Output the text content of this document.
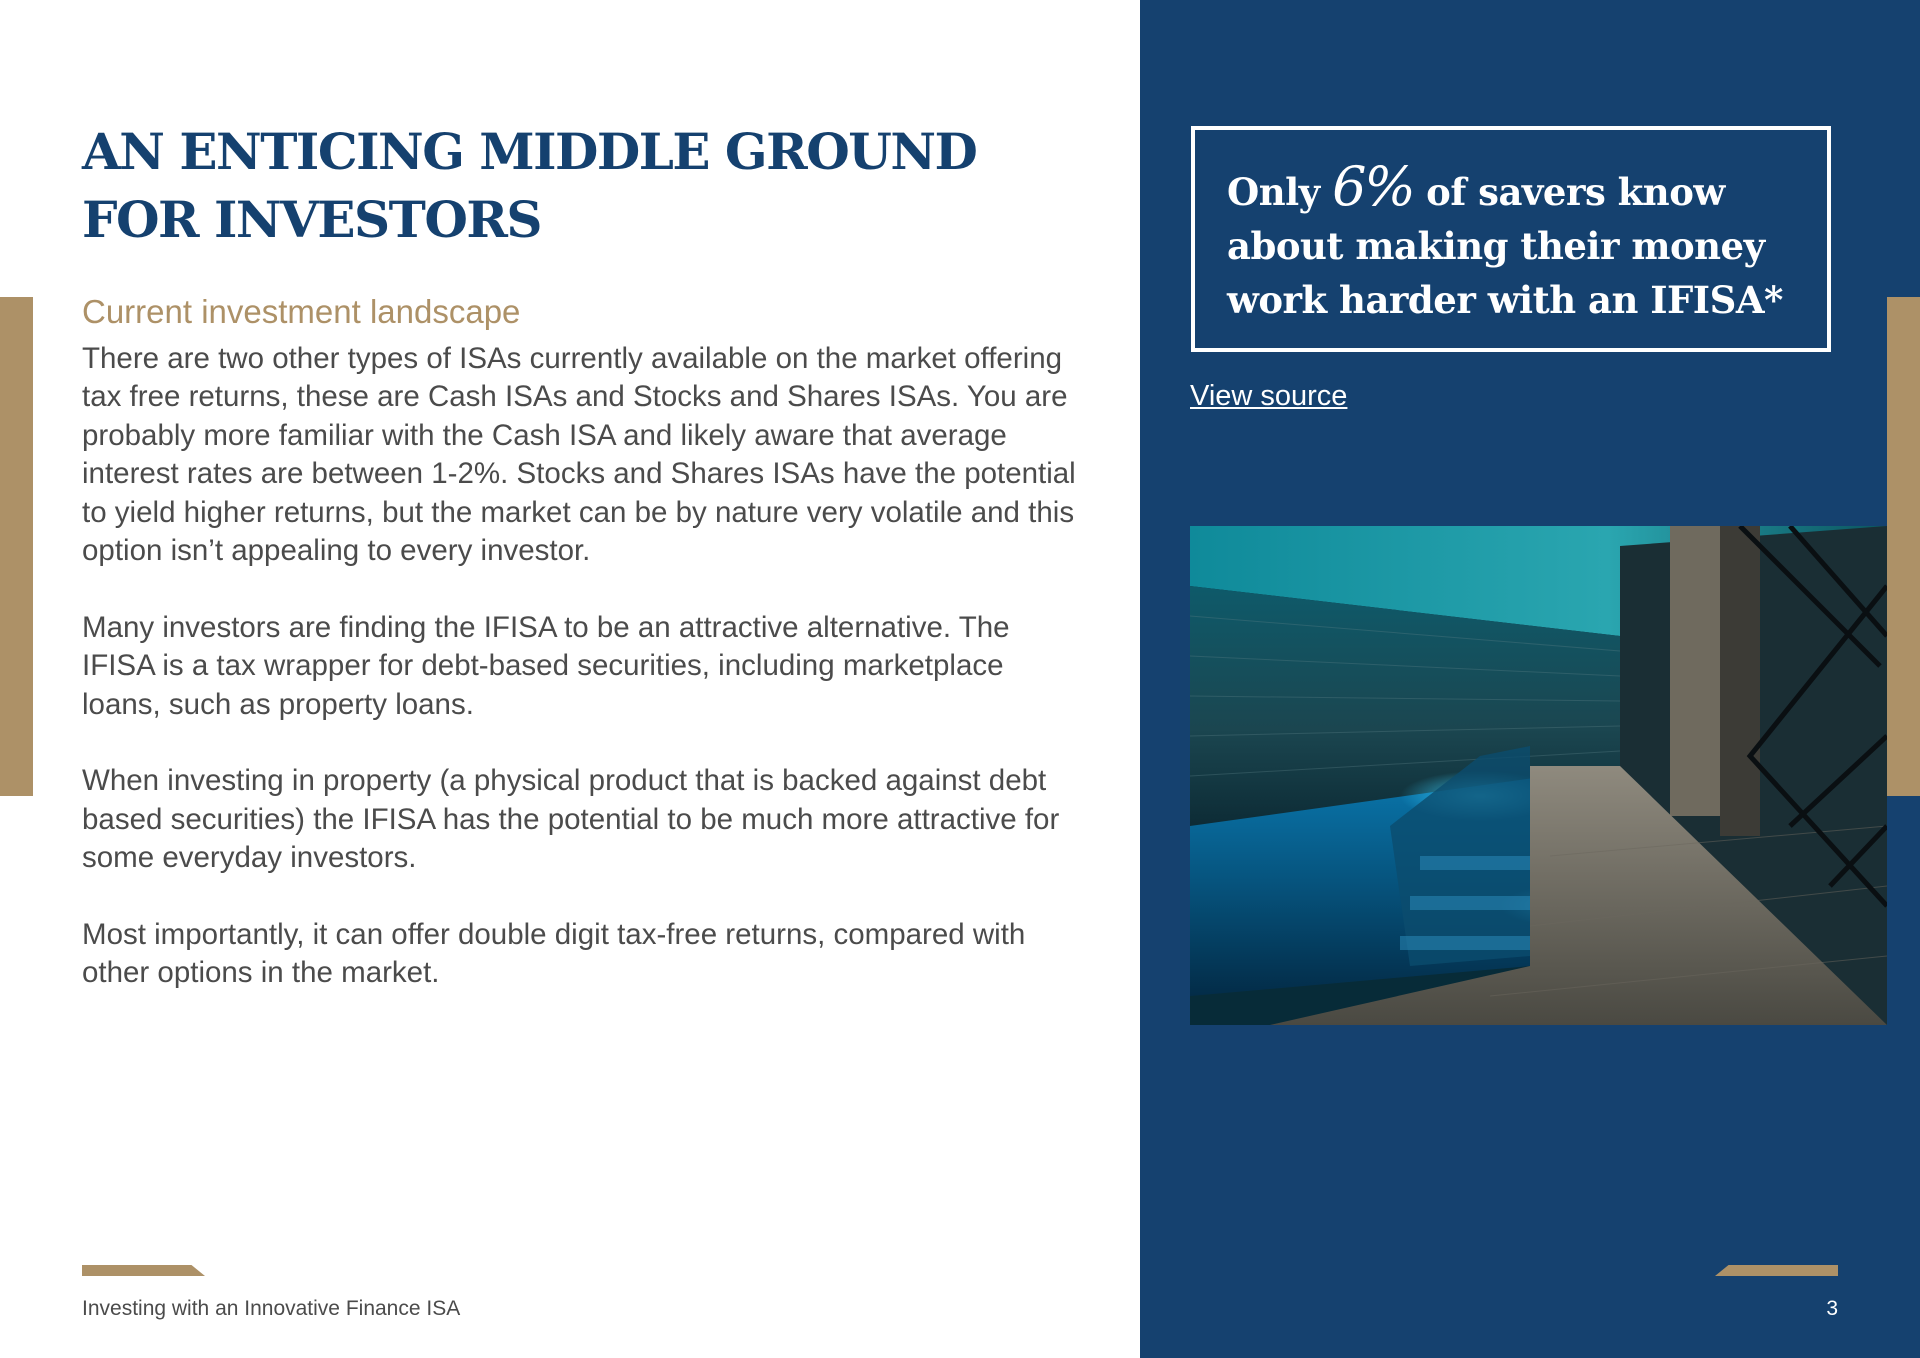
AN ENTICING MIDDLE GROUND FOR INVESTORS
Current investment landscape

There are two other types of ISAs currently available on the market offering tax free returns, these are Cash ISAs and Stocks and Shares ISAs. You are probably more familiar with the Cash ISA and likely aware that average interest rates are between 1-2%. Stocks and Shares ISAs have the potential to yield higher returns, but the market can be by nature very volatile and this option isn’t appealing to every investor.

Many investors are finding the IFISA to be an attractive alternative. The IFISA is a tax wrapper for debt-based securities, including marketplace loans, such as property loans.

When investing in property (a physical product that is backed against debt based securities) the IFISA has the potential to be much more attractive for some everyday investors.

Most importantly, it can offer double digit tax-free returns, compared with other options in the market.

Only 6% of savers know about making their money work harder with an IFISA*
View source
Investing with an Innovative Finance ISA	3
